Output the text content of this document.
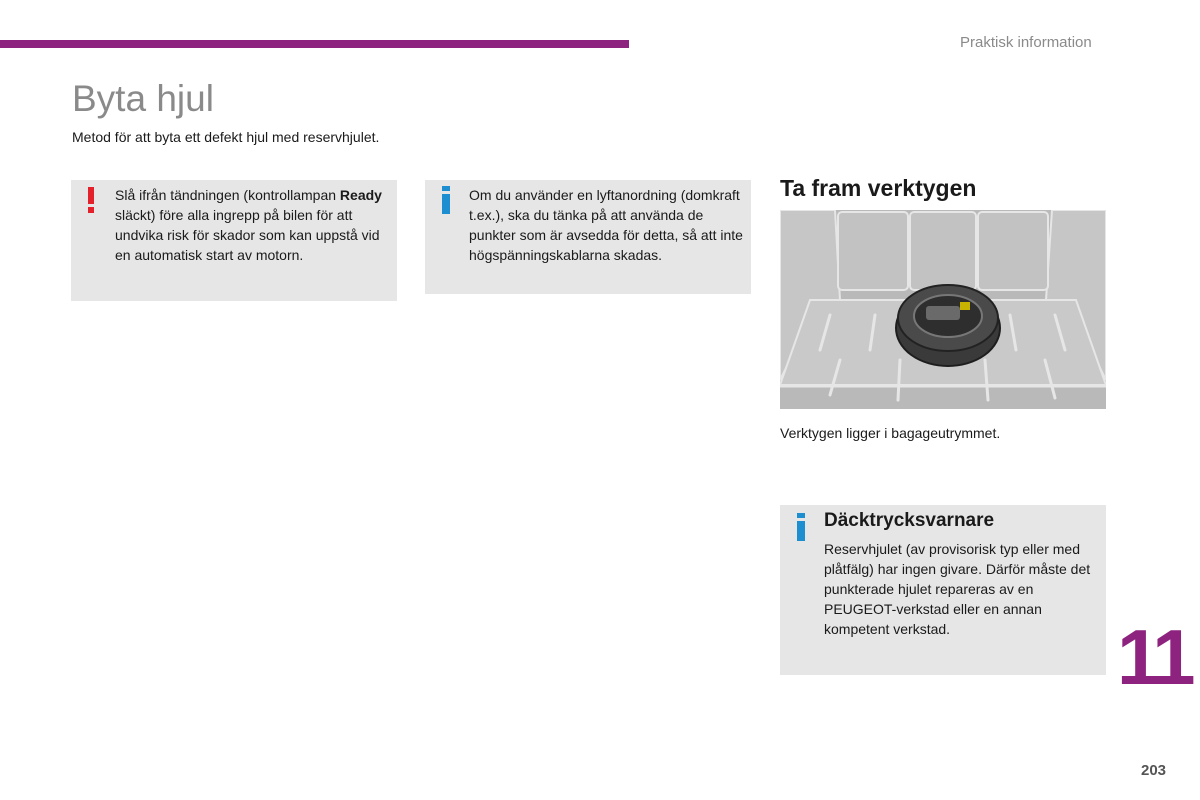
Praktisk information
Byta hjul
Metod för att byta ett defekt hjul med reservhjulet.
Slå ifrån tändningen (kontrollampan Ready släckt) före alla ingrepp på bilen för att undvika risk för skador som kan uppstå vid en automatisk start av motorn.
Om du använder en lyftanordning (domkraft t.ex.), ska du tänka på att använda de punkter som är avsedda för detta, så att inte högspänningskablarna skadas.
Ta fram verktygen
Verktygen ligger i bagageutrymmet.
Däcktrycksvarnare
Reservhjulet (av provisorisk typ eller med plåtfälg) har ingen givare. Därför måste det punkterade hjulet repareras av en PEUGEOT-verkstad eller en annan kompetent verkstad.	11
203
